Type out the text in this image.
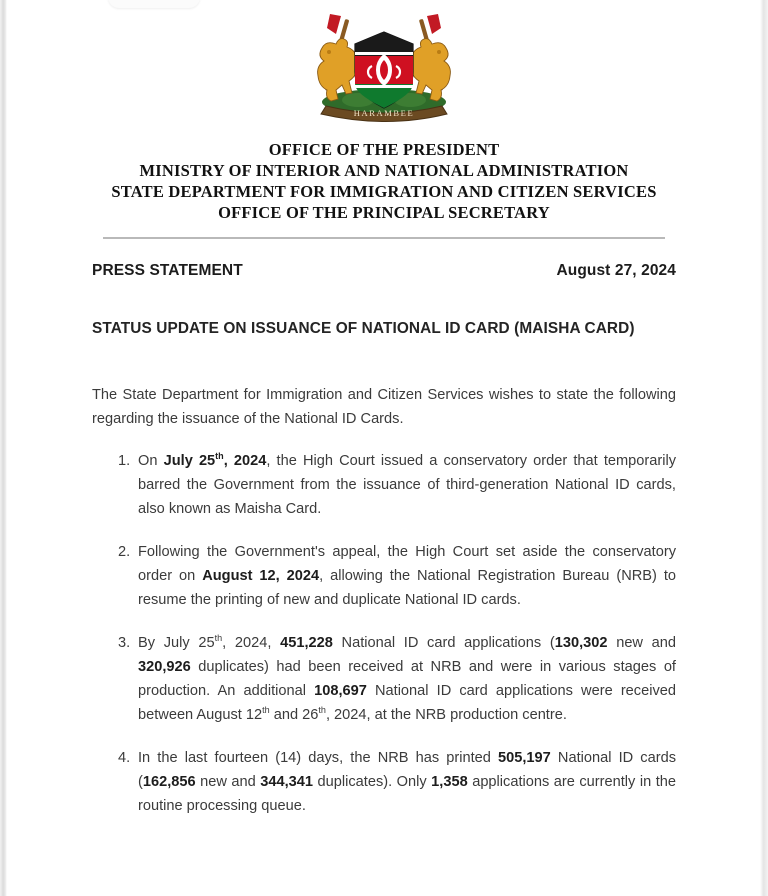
HARAMBEE
OFFICE OF THE PRESIDENT
MINISTRY OF INTERIOR AND NATIONAL ADMINISTRATION
STATE DEPARTMENT FOR IMMIGRATION AND CITIZEN SERVICES
OFFICE OF THE PRINCIPAL SECRETARY
PRESS STATEMENT	August 27, 2024
STATUS UPDATE ON ISSUANCE OF NATIONAL ID CARD (MAISHA CARD)
The State Department for Immigration and Citizen Services wishes to state the following regarding the issuance of the National ID Cards.
On July 25th, 2024, the High Court issued a conservatory order that temporarily barred the Government from the issuance of third-generation National ID cards, also known as Maisha Card.
Following the Government's appeal, the High Court set aside the conservatory order on August 12, 2024, allowing the National Registration Bureau (NRB) to resume the printing of new and duplicate National ID cards.
By July 25th, 2024, 451,228 National ID card applications (130,302 new and 320,926 duplicates) had been received at NRB and were in various stages of production. An additional 108,697 National ID card applications were received between August 12th and 26th, 2024, at the NRB production centre.
In the last fourteen (14) days, the NRB has printed 505,197 National ID cards (162,856 new and 344,341 duplicates). Only 1,358 applications are currently in the routine processing queue.
